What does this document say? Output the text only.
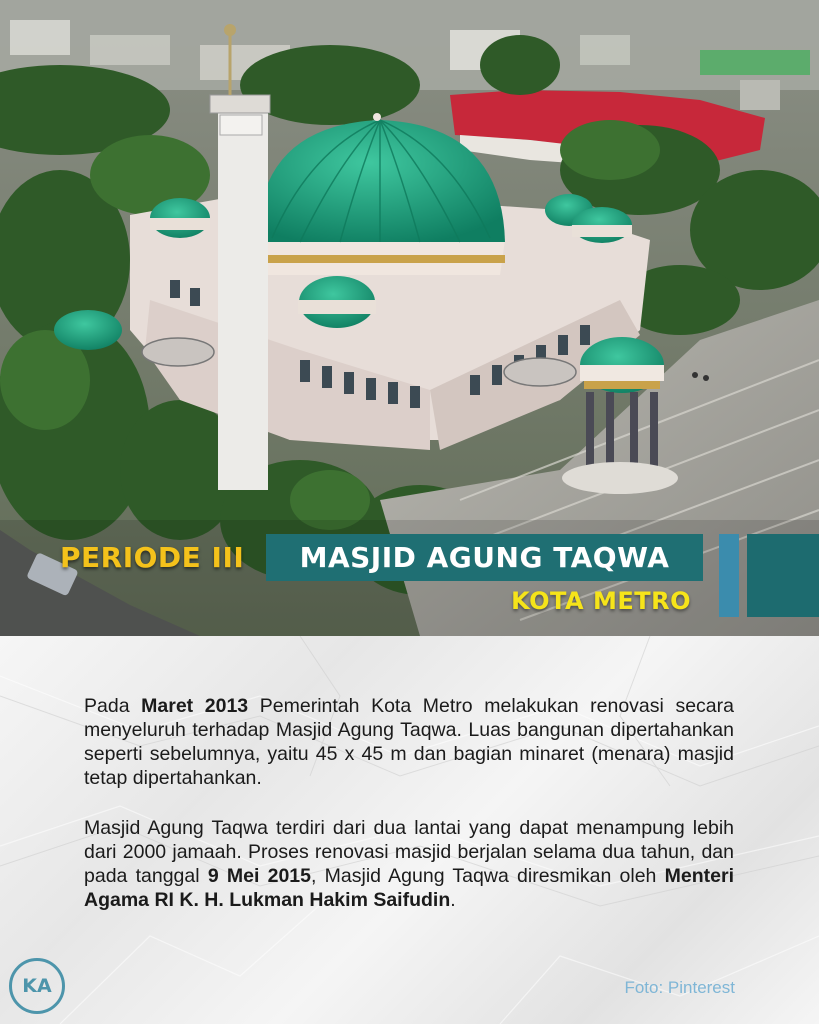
PERIODE III	MASJID AGUNG TAQWA
KOTA METRO
Pada Maret 2013 Pemerintah Kota Metro melakukan renovasi secara menyeluruh terhadap Masjid Agung Taqwa. Luas bangunan dipertahankan seperti sebelumnya, yaitu 45 x 45 m dan bagian minaret (menara) masjid tetap dipertahankan.
Masjid Agung Taqwa terdiri dari dua lantai yang dapat menampung lebih dari 2000 jamaah. Proses renovasi masjid berjalan selama dua tahun, dan pada tanggal 9 Mei 2015, Masjid Agung Taqwa diresmikan oleh Menteri Agama RI K. H. Lukman Hakim Saifudin.
Foto: Pinterest
KA
